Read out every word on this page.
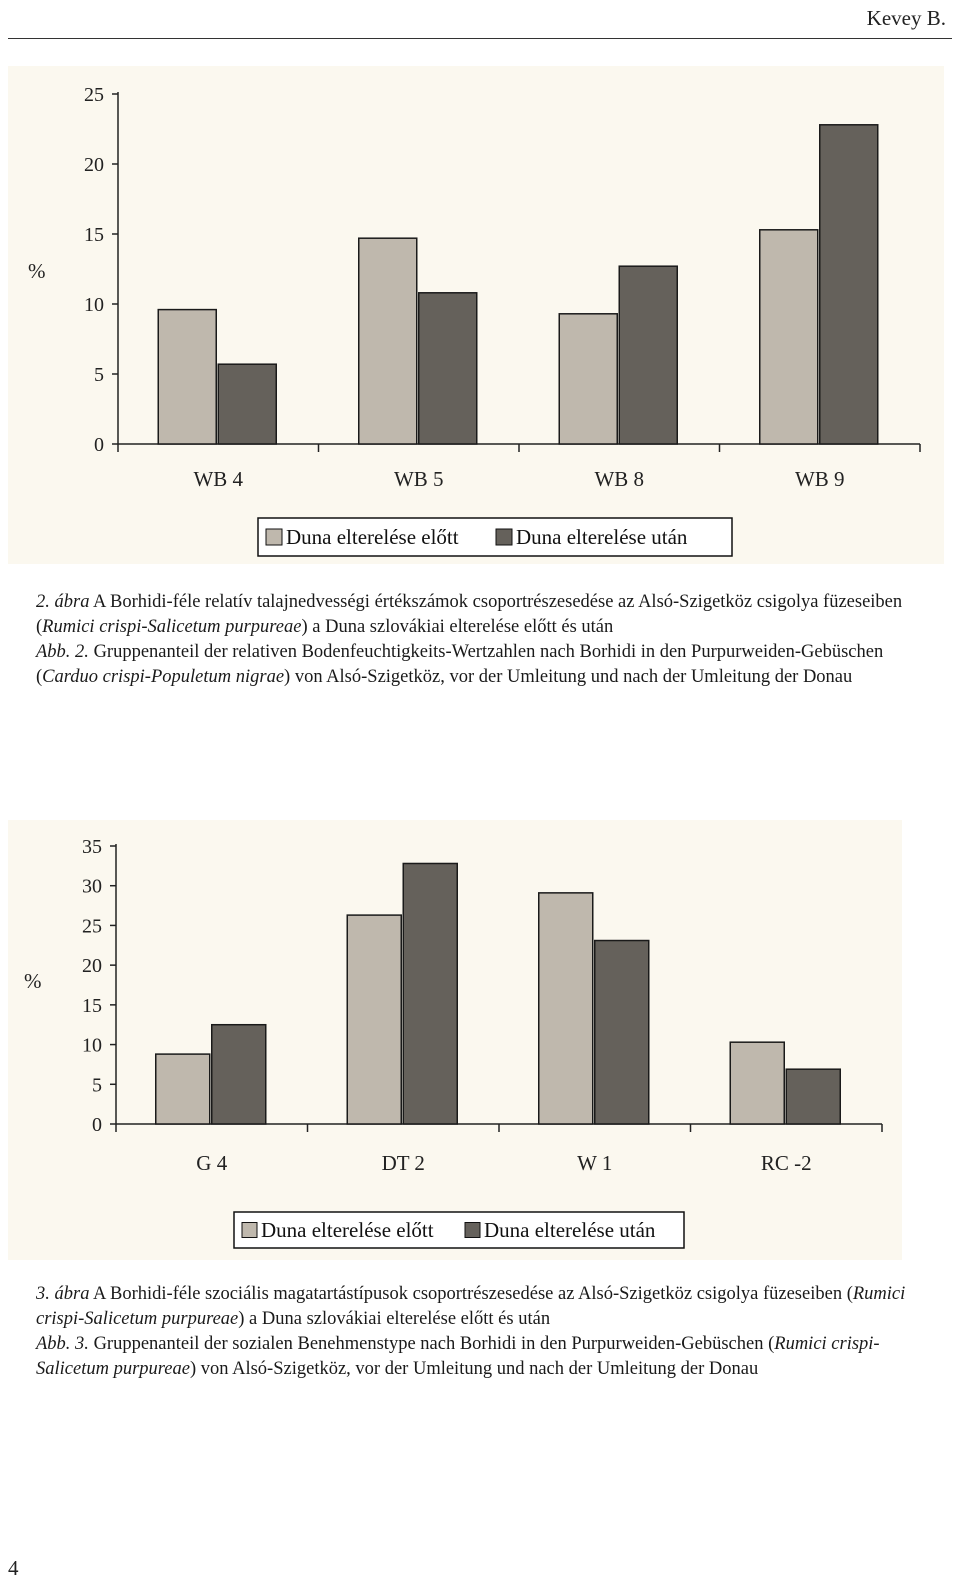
Kevey B.
0
5
10
15
20
25
%
WB 4	WB 5	WB 8	WB 9
Duna elterelése előtt	Duna elterelése után

2. ábra A Borhidi-féle relatív talajnedvességi értékszámok csoportrészesedése az Alsó-Szigetköz csigolya füzeseiben (Rumici crispi-Salicetum purpureae) a Duna szlovákiai elterelése előtt és után

Abb. 2. Gruppenanteil der relativen Bodenfeuchtigkeits-Wertzahlen nach Borhidi in den Purpurweiden-Gebüschen (Carduo crispi-Populetum nigrae) von Alsó-Szigetköz, vor der Umleitung und nach der Umleitung der Donau

0
5
10
15
20
25
30
35
%
G 4	DT 2	W 1	RC -2
Duna elterelése előtt Duna elterelése után

3. ábra A Borhidi-féle szociális magatartástípusok csoportrészesedése az Alsó-Szigetköz csigolya füzeseiben (Rumici crispi-Salicetum purpureae) a Duna szlovákiai elterelése előtt és után

Abb. 3. Gruppenanteil der sozialen Benehmenstype nach Borhidi in den Purpurweiden-Gebüschen (Rumici crispi-Salicetum purpureae) von Alsó-Szigetköz, vor der Umleitung und nach der Umleitung der Donau

4
